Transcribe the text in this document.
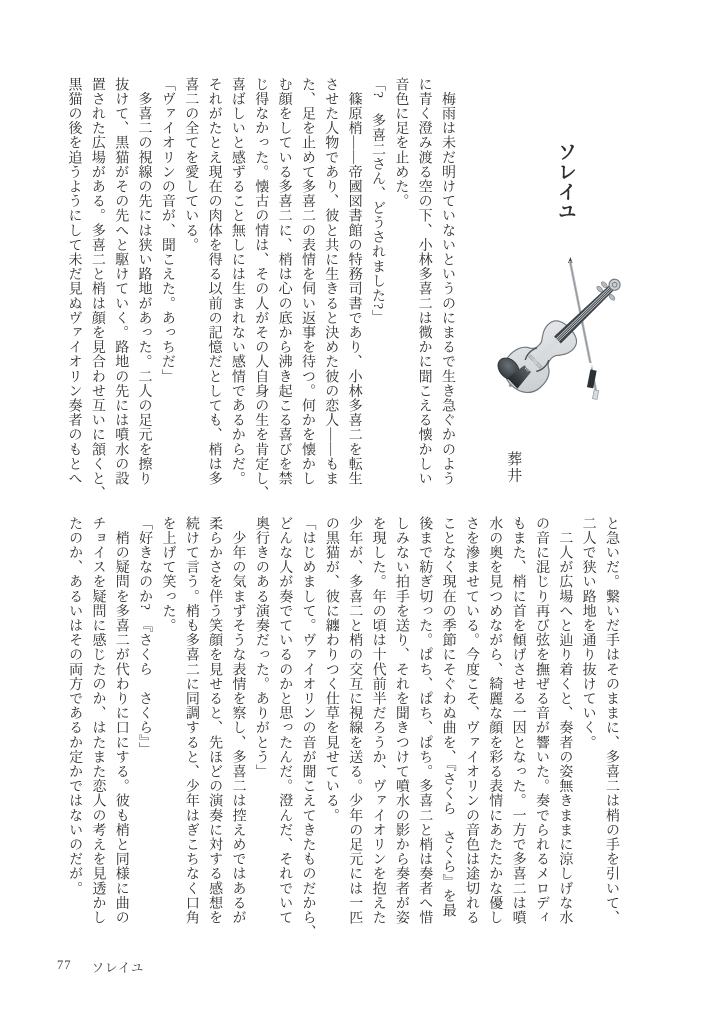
ソレイユ
葬井

　梅雨は未だ明けていないというのにまるで生き急ぐかのよう

に青く澄み渡る空の下、小林多喜二は微かに聞こえる懐かしい

音色に足を止めた。

「?　多喜二さん、どうされました?」

　篠原梢――帝國図書館の特務司書であり、小林多喜二を転生

させた人物であり、彼と共に生きると決めた彼の恋人――もま

た、足を止めて多喜二の表情を伺い返事を待つ。何かを懐かし

む顔をしている多喜二に、梢は心の底から沸き起こる喜びを禁

じ得なかった。懐古の情は、その人がその人自身の生を肯定し、

喜ばしいと感ずること無しには生まれない感情であるからだ。

それがたとえ現在の肉体を得る以前の記憶だとしても、梢は多

喜二の全てを愛している。

「ヴァイオリンの音が、聞こえた。あっちだ」

　多喜二の視線の先には狭い路地があった。二人の足元を擦り

抜けて、黒猫がその先へと駆けていく。路地の先には噴水の設

置された広場がある。多喜二と梢は顔を見合わせ互いに頷くと、

黒猫の後を追うようにして未だ見ぬヴァイオリン奏者のもとへ

と急いだ。繋いだ手はそのままに、多喜二は梢の手を引いて、

二人で狭い路地を通り抜けていく。

　二人が広場へと辿り着くと、奏者の姿無きままに涼しげな水

の音に混じり再び弦を撫ぜる音が響いた。奏でられるメロディ

もまた、梢に首を傾げさせる一因となった。一方で多喜二は噴

水の奥を見つめながら、綺麗な顔を彩る表情にあたたかな優し

さを滲ませている。今度こそ、ヴァイオリンの音色は途切れる

ことなく現在の季節にそぐわぬ曲を、『さくら　さくら』を最

後まで紡ぎ切った。ぱち、ぱち、ぱち。多喜二と梢は奏者へ惜

しみない拍手を送り、それを聞きつけて噴水の影から奏者が姿

を現した。年の頃は十代前半だろうか、ヴァイオリンを抱えた

少年が、多喜二と梢の交互に視線を送る。少年の足元には一匹

の黒猫が、彼に纏わりつく仕草を見せている。

「はじめまして。ヴァイオリンの音が聞こえてきたものだから、

どんな人が奏でているのかと思ったんだ。澄んだ、それでいて

奥行きのある演奏だった。ありがとう」

　少年の気まずそうな表情を察し、多喜二は控えめではあるが

柔らかさを伴う笑顔を見せると、先ほどの演奏に対する感想を

続けて言う。梢も多喜二に同調すると、少年はぎこちなく口角

を上げて笑った。

「好きなのか?　『さくら　さくら』」

　梢の疑問を多喜二が代わりに口にする。彼も梢と同様に曲の

チョイスを疑問に感じたのか、はたまた恋人の考えを見透かし

たのか、あるいはその両方であるか定かではないのだが。

77 ソレイユ
